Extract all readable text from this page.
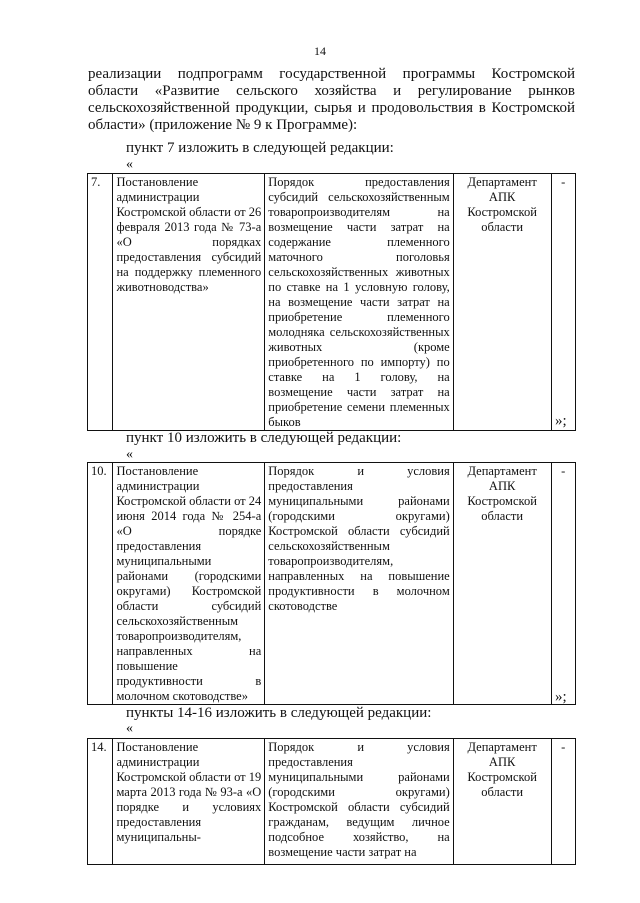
14
реализации подпрограмм государственной программы Костромской области «Развитие сельского хозяйства и регулирование рынков сельскохозяйственной продукции, сырья и продовольствия в Костромской области» (приложение № 9 к Программе):
пункт 7 изложить в следующей редакции:
«
7.	Постановление администрации Костромской области от 26 февраля 2013 года № 73-а «О порядках предоставления субсидий на поддержку племенного животноводства»	Порядок предоставления субсидий сельскохозяйственным товаропроизводителям на возмещение части затрат на содержание племенного маточного поголовья сельскохозяйственных животных по ставке на 1 условную голову, на возмещение части затрат на приобретение племенного молодняка сельскохозяйственных животных (кроме приобретенного по импорту) по ставке на 1 голову, на возмещение части затрат на приобретение семени племенных быков	Департамент АПК Костромской области	-
»;
пункт 10 изложить в следующей редакции:
«
10.	Постановление администрации Костромской области от 24 июня 2014 года № 254-а «О порядке предоставления муниципальными районами (городскими округами) Костромской области субсидий сельскохозяйственным товаропроизводителям, направленных на повышение продуктивности в молочном скотоводстве»	Порядок и условия предоставления муниципальными районами (городскими округами) Костромской области субсидий сельскохозяйственным товаропроизводителям, направленных на повышение продуктивности в молочном скотоводстве	Департамент АПК Костромской области	-
»;
пункты 14-16 изложить в следующей редакции:
«
14.	Постановление администрации Костромской области от 19 марта 2013 года № 93-а «О порядке и условиях предоставления муниципальны-	Порядок и условия предоставления муниципальными районами (городскими округами) Костромской области субсидий гражданам, ведущим личное подсобное хозяйство, на возмещение части затрат на	Департамент АПК Костромской области	-
